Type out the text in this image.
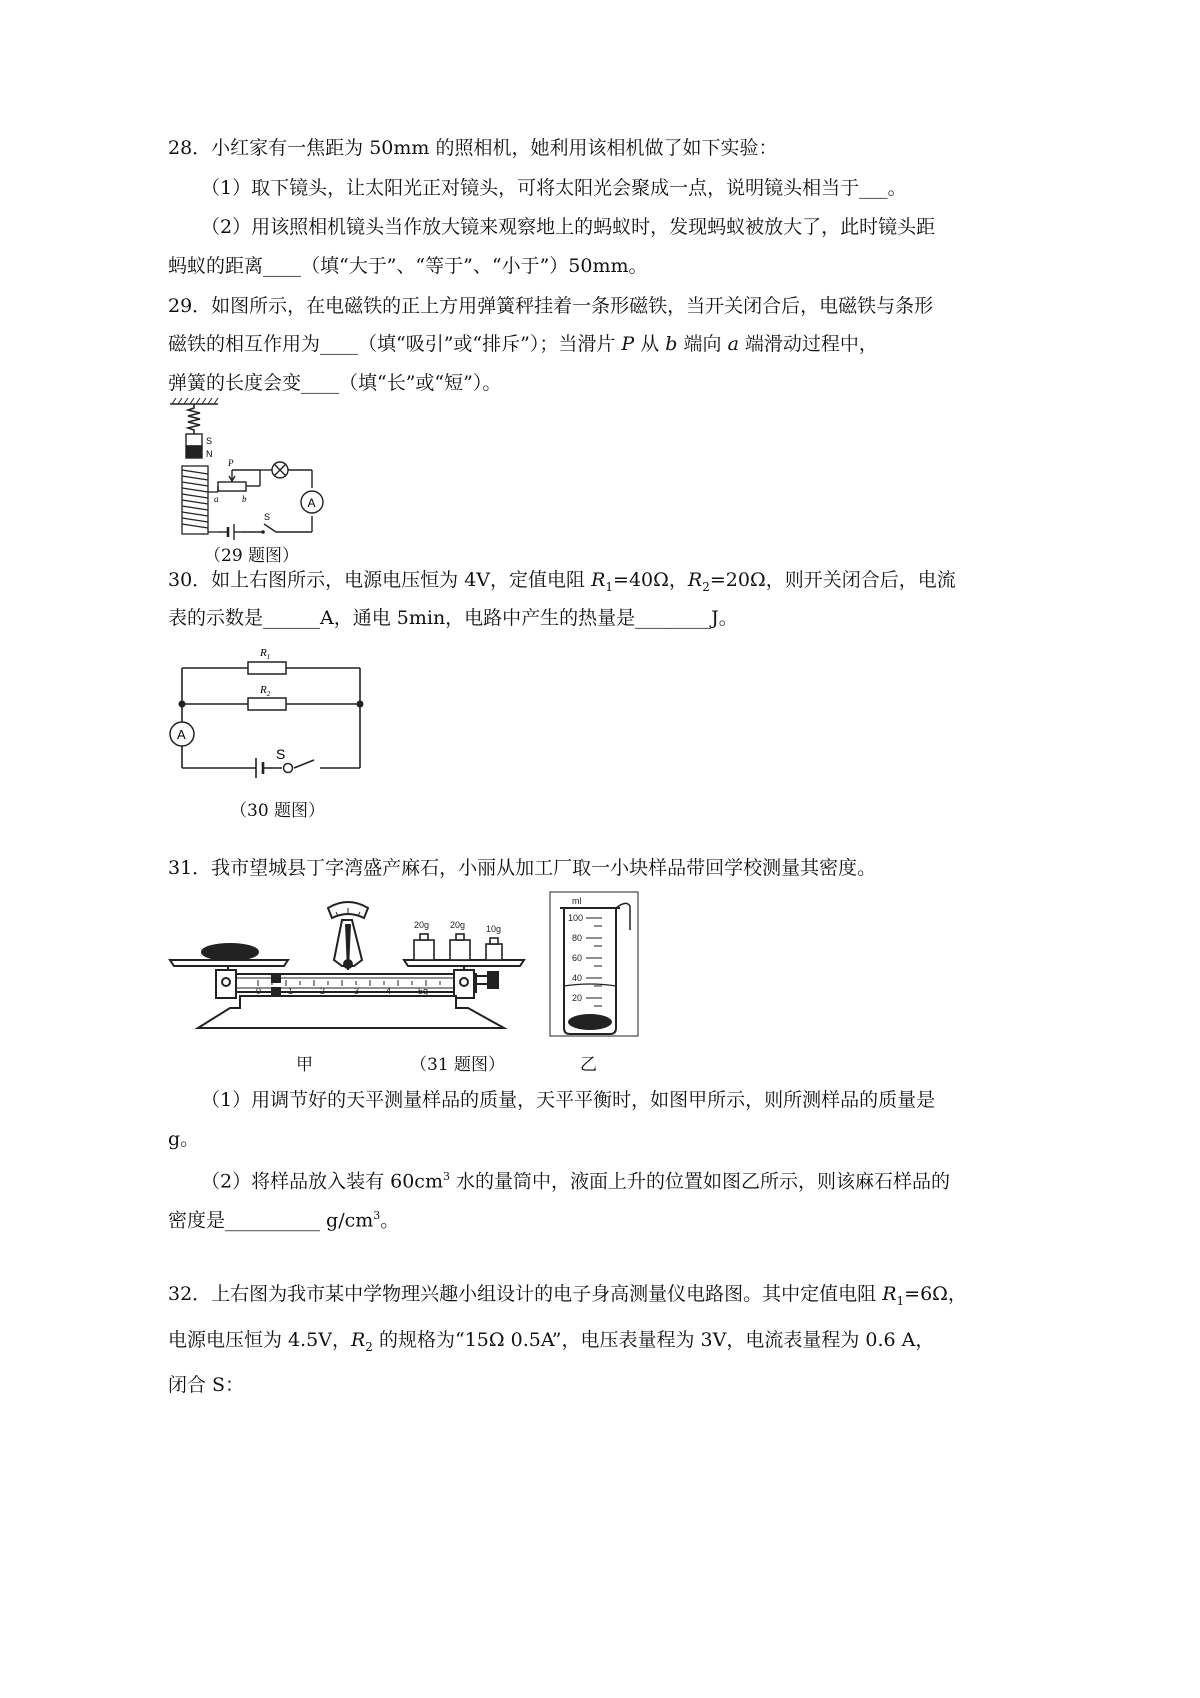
28．小红家有一焦距为 50mm 的照相机，她利用该相机做了如下实验：
（1）取下镜头，让太阳光正对镜头，可将太阳光会聚成一点，说明镜头相当于___。
（2）用该照相机镜头当作放大镜来观察地上的蚂蚁时，发现蚂蚁被放大了，此时镜头距
蚂蚁的距离____（填“大于”、“等于”、“小于”）50mm。
29．如图所示，在电磁铁的正上方用弹簧秤挂着一条形磁铁，当开关闭合后，电磁铁与条形
磁铁的相互作用为____（填“吸引”或“排斥”）；当滑片 P 从 b 端向 a 端滑动过程中，
弹簧的长度会变____（填“长”或“短”）。
S
N
P
a	b
S
A
（29 题图）
30．如上右图所示，电源电压恒为 4V，定值电阻 $R_1=40\Omega$，$R_2=20\Omega$，则开关闭合后，电流
表的示数是______A，通电 5min，电路中产生的热量是________J。
$R_1$
$R_2$
S
A
（30 题图）
31．我市望城县丁字湾盛产麻石，小丽从加工厂取一小块样品带回学校测量其密度。
0	1	2	3	4	5g
20g 20g 10g
ml
100
80
60
40
20
甲	（31 题图）	乙
（1）用调节好的天平测量样品的质量，天平平衡时，如图甲所示，则所测样品的质量是
g。
（2）将样品放入装有 $60cm^3$ 水的量筒中，液面上升的位置如图乙所示，则该麻石样品的
密度是__________ $g/cm^3$。
32．上右图为我市某中学物理兴趣小组设计的电子身高测量仪电路图。其中定值电阻 $R_1=6\Omega$，
电源电压恒为 4.5V，$R_2$ 的规格为“15Ω 0.5A”，电压表量程为 3V，电流表量程为 0.6 A，
闭合 S：
